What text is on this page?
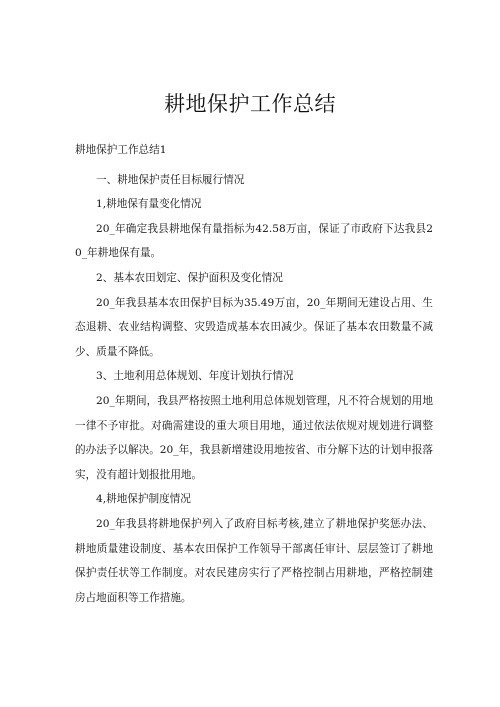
耕地保护工作总结

耕地保护工作总结1

一、耕地保护责任目标履行情况

1,耕地保有量变化情况

20_年确定我县耕地保有量指标为42.58万亩，保证了市政府下达我县20_年耕地保有量。

2、基本农田划定、保护面积及变化情况

20_年我县基本农田保护目标为35.49万亩，20_年期间无建设占用、生态退耕、农业结构调整、灾毁造成基本农田减少。保证了基本农田数量不减少、质量不降低。

3、土地利用总体规划、年度计划执行情况

20_年期间，我县严格按照土地利用总体规划管理，凡不符合规划的用地一律不予审批。对确需建设的重大项目用地，通过依法依规对规划进行调整的办法予以解决。20_年，我县新增建设用地按省、市分解下达的计划申报落实，没有超计划报批用地。

4,耕地保护制度情况

20_年我县将耕地保护列入了政府目标考核,建立了耕地保护奖惩办法、耕地质量建设制度、基本农田保护工作领导干部离任审计、层层签订了耕地保护责任状等工作制度。对农民建房实行了严格控制占用耕地，严格控制建房占地面积等工作措施。
